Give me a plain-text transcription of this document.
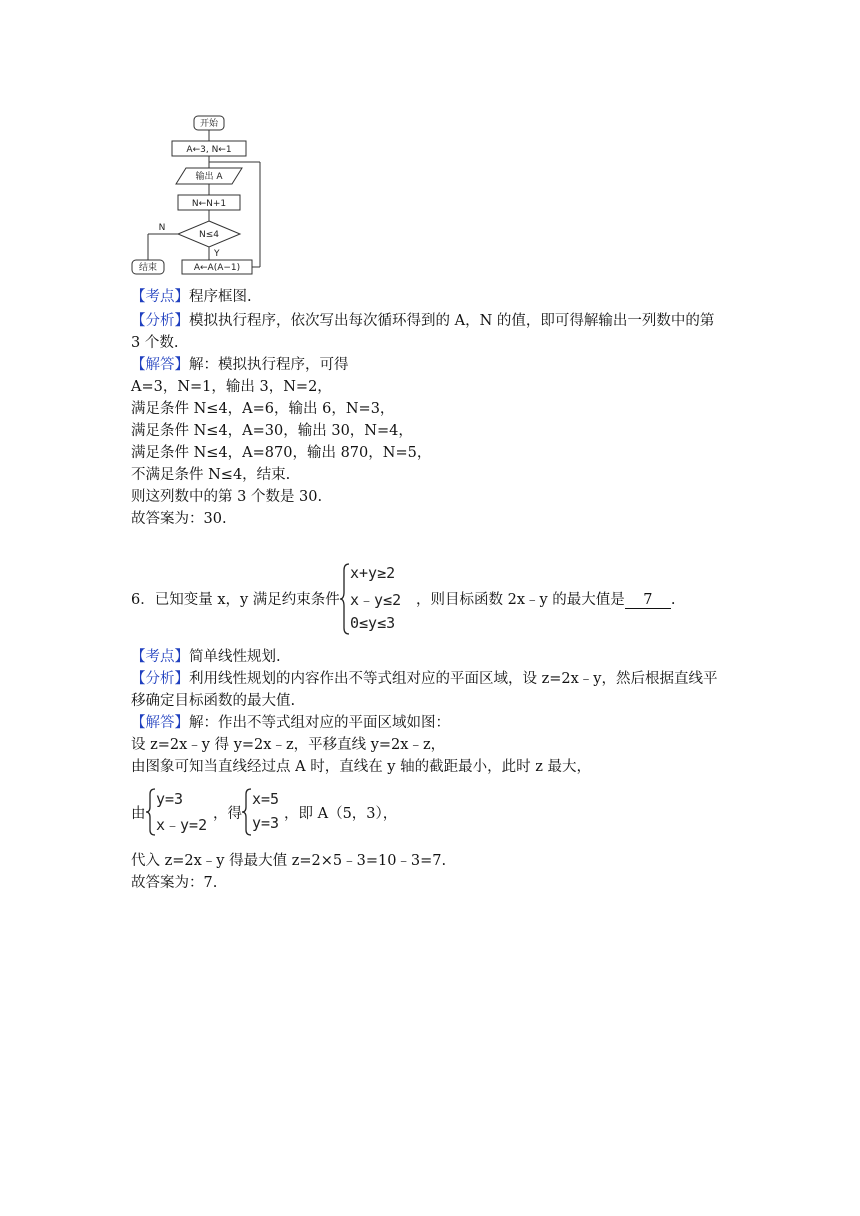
开始
A←3, N←1
输出 A
N←N+1
N≤4
N
结束
Y
A←A(A−1)
【考点】程序框图.
【分析】模拟执行程序，依次写出每次循环得到的 A，N 的值，即可得解输出一列数中的第
3 个数.
【解答】解：模拟执行程序，可得
A=3，N=1，输出 3，N=2，
满足条件 N≤4，A=6，输出 6，N=3，
满足条件 N≤4，A=30，输出 30，N=4，
满足条件 N≤4，A=870，输出 870，N=5，
不满足条件 N≤4，结束.
则这列数中的第 3 个数是 30.
故答案为：30.
6．已知变量 x，y 满足约束条件
x+y≥2
x﹣y≤2
0≤y≤3
，则目标函数 2x﹣y 的最大值是 7 .
【考点】简单线性规划.
【分析】利用线性规划的内容作出不等式组对应的平面区域，设 z=2x﹣y，然后根据直线平
移确定目标函数的最大值.
【解答】解：作出不等式组对应的平面区域如图：
设 z=2x﹣y 得 y=2x﹣z，平移直线 y=2x﹣z，
由图象可知当直线经过点 A 时，直线在 y 轴的截距最小，此时 z 最大，
由
y=3
x﹣y=2
，得
x=5
y=3 ，即 A（5，3），
代入 z=2x﹣y 得最大值 z=2×5﹣3=10﹣3=7.
故答案为：7.
